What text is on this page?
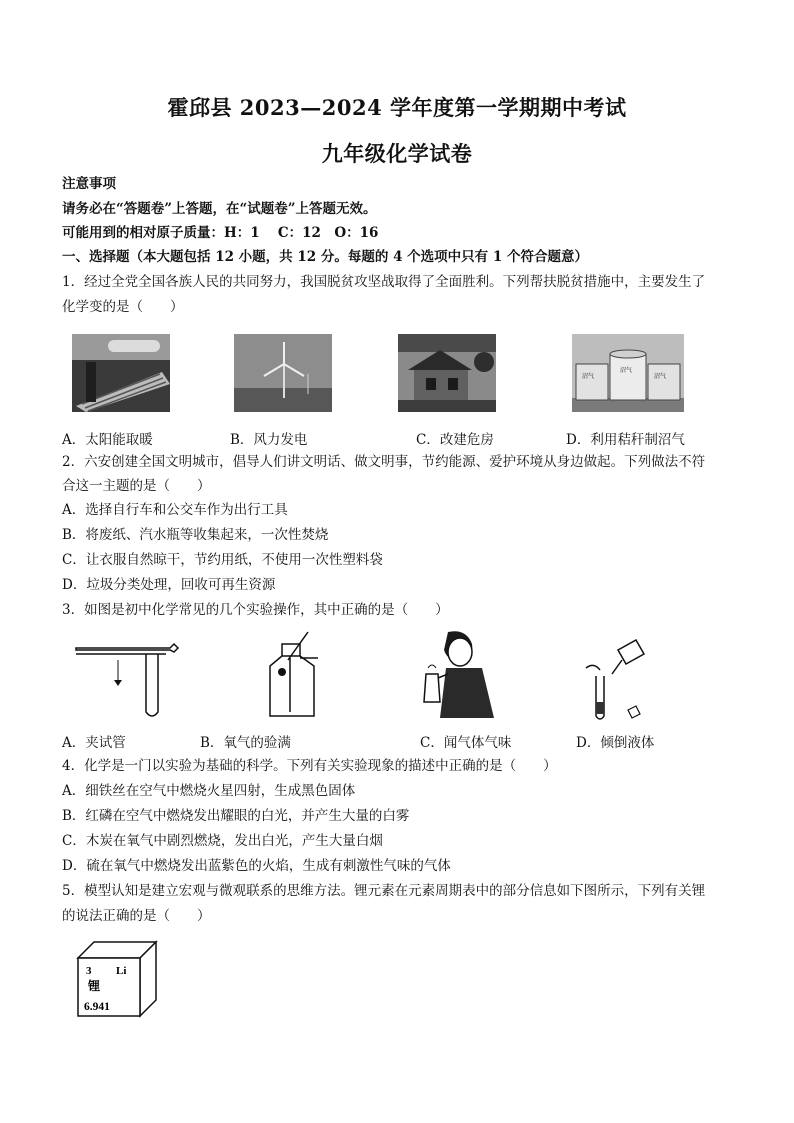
霍邱县 2023—2024 学年度第一学期期中考试
九年级化学试卷
注意事项
请务必在“答题卷”上答题，在“试题卷”上答题无效。
可能用到的相对原子质量：H：1　 C：12　O：16
一、选择题（本大题包括 12 小题，共 12 分。每题的 4 个选项中只有 1 个符合题意）
1．经过全党全国各族人民的共同努力，我国脱贫攻坚战取得了全面胜利。下列帮扶脱贫措施中，主要发生了
化学变的是（　　）
沼气
沼气
沼气
A．太阳能取暖	B．风力发电	C．改建危房	D．利用秸秆制沼气
2．六安创建全国文明城市，倡导人们讲文明话、做文明事，节约能源、爱护环境从身边做起。下列做法不符
合这一主题的是（　　）
A．选择自行车和公交车作为出行工具
B．将废纸、汽水瓶等收集起来，一次性焚烧
C．让衣服自然晾干，节约用纸，不使用一次性塑料袋
D．垃圾分类处理，回收可再生资源
3．如图是初中化学常见的几个实验操作，其中正确的是（　　）
A．夹试管	B．氧气的验满	C．闻气体气味	D．倾倒液体
4．化学是一门以实验为基础的科学。下列有关实验现象的描述中正确的是（　　）
A．细铁丝在空气中燃烧火星四射，生成黑色固体
B．红磷在空气中燃烧发出耀眼的白光，并产生大量的白雾
C．木炭在氧气中剧烈燃烧，发出白光，产生大量白烟
D．硫在氧气中燃烧发出蓝紫色的火焰，生成有刺激性气味的气体
5．模型认知是建立宏观与微观联系的思维方法。锂元素在元素周期表中的部分信息如下图所示，下列有关锂
的说法正确的是（　　）
3 Li
锂
6.941
